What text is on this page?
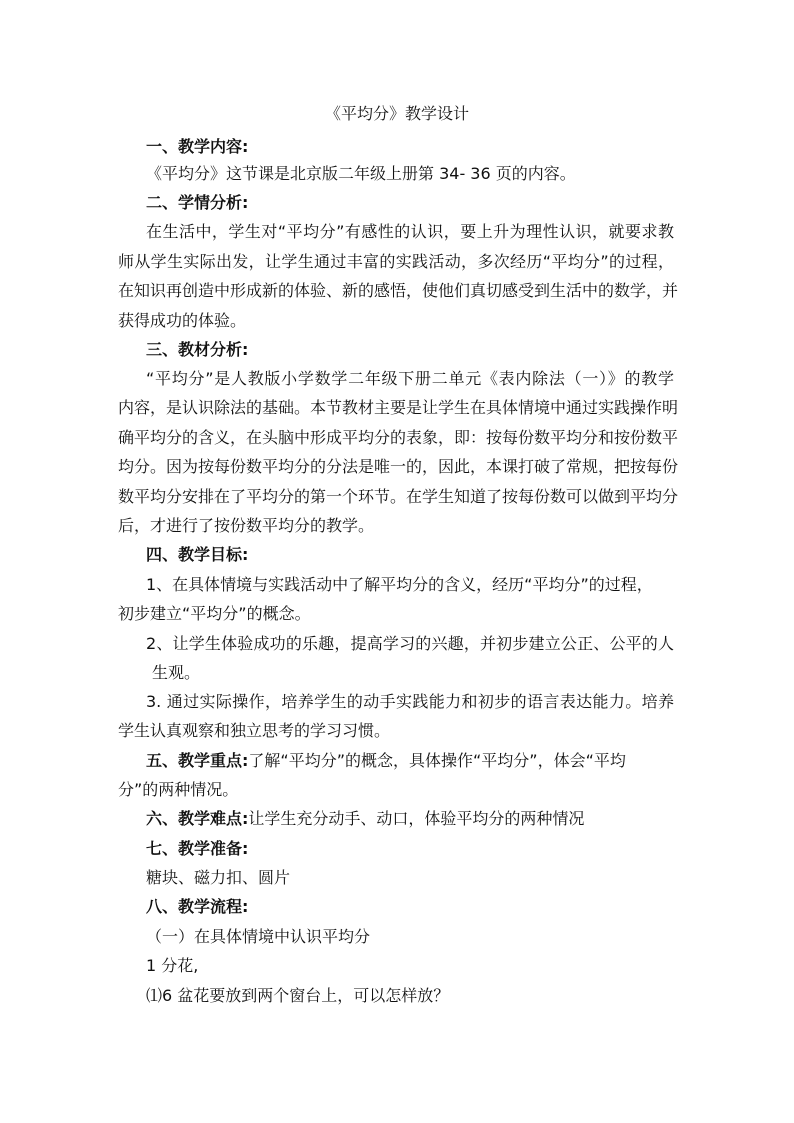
《平均分》教学设计
一、教学内容:
《平均分》这节课是北京版二年级上册第 34- 36 页的内容。
二、学情分析:
在生活中，学生对“平均分”有感性的认识，要上升为理性认识，就要求教
师从学生实际出发，让学生通过丰富的实践活动，多次经历“平均分”的过程，
在知识再创造中形成新的体验、新的感悟，使他们真切感受到生活中的数学，并
获得成功的体验。
三、教材分析:
“平均分”是人教版小学数学二年级下册二单元《表内除法（一）》的教学
内容，是认识除法的基础。本节教材主要是让学生在具体情境中通过实践操作明
确平均分的含义，在头脑中形成平均分的表象，即：按每份数平均分和按份数平
均分。因为按每份数平均分的分法是唯一的，因此，本课打破了常规，把按每份
数平均分安排在了平均分的第一个环节。在学生知道了按每份数可以做到平均分
后，才进行了按份数平均分的教学。
四、教学目标:
1、在具体情境与实践活动中了解平均分的含义，经历“平均分”的过程，
初步建立“平均分”的概念。
2、让学生体验成功的乐趣，提高学习的兴趣，并初步建立公正、公平的人
生观。
3. 通过实际操作，培养学生的动手实践能力和初步的语言表达能力。培养
学生认真观察和独立思考的学习习惯。
五、教学重点:了解“平均分”的概念，具体操作“平均分”，体会“平均
分”的两种情况。
六、教学难点:让学生充分动手、动口，体验平均分的两种情况
七、教学准备:
糖块、磁力扣、圆片
八、教学流程:
（一）在具体情境中认识平均分
1 分花,
⑴6 盆花要放到两个窗台上，可以怎样放？
